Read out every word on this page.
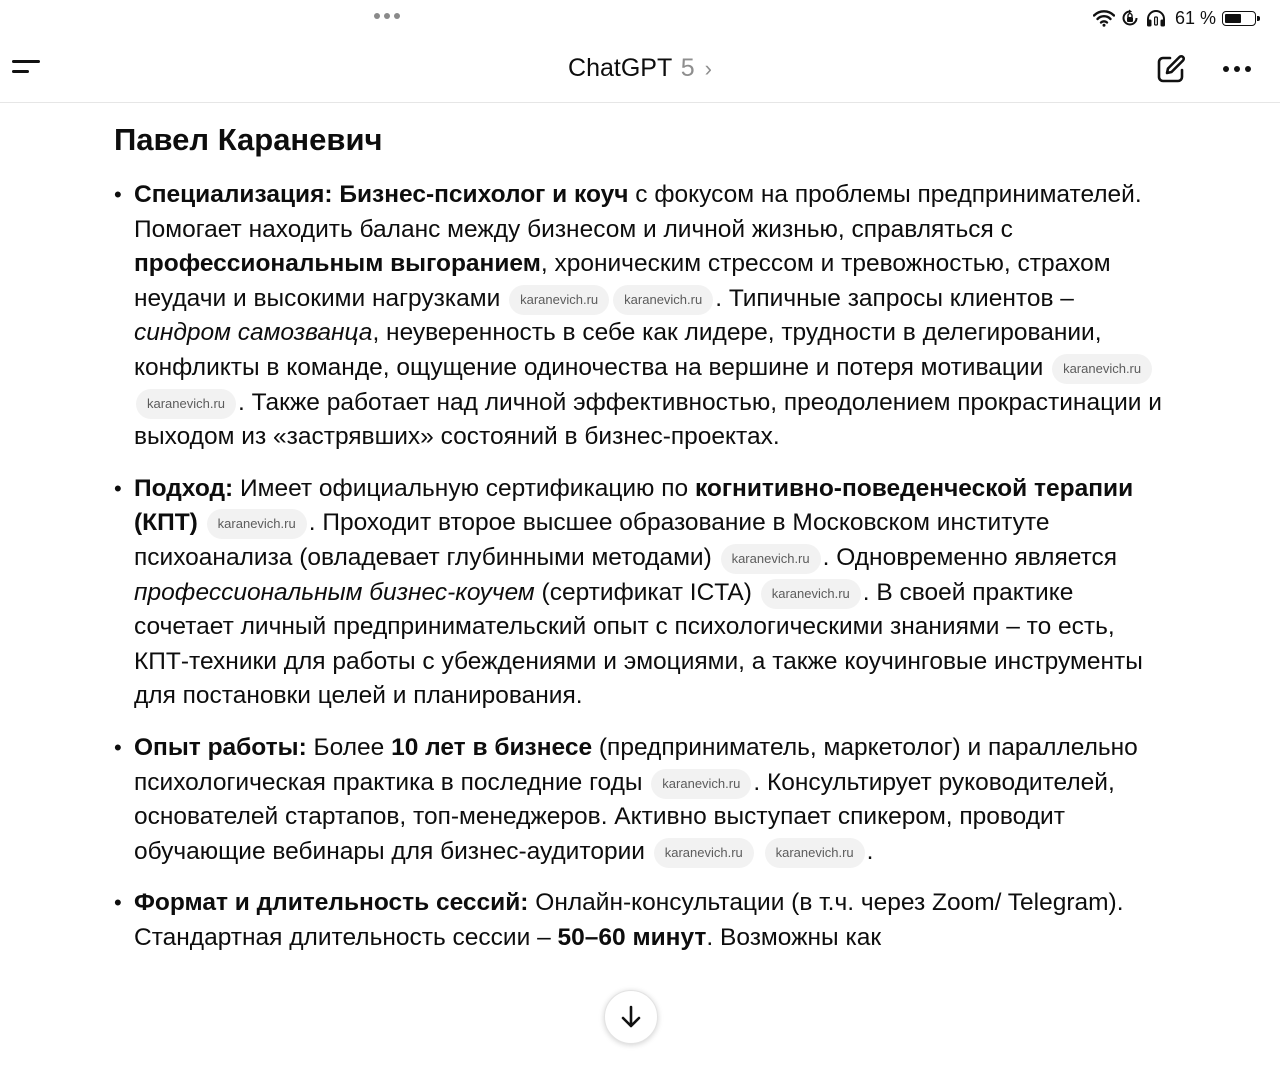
61 %
ChatGPT 5 ›
Павел Караневич
• Специализация: Бизнес-психолог и коуч с фокусом на проблемы предпринимателей. Помогает находить баланс между бизнесом и личной жизнью, справляться с профессиональным выгоранием, хроническим стрессом и тревожностью, страхом неудачи и высокими нагрузками karanevich.ru karanevich.ru . Типичные запросы клиентов – синдром самозванца, неуверенность в себе как лидере, трудности в делегировании, конфликты в команде, ощущение одиночества на вершине и потеря мотивации karanevich.rukaranevich.ru . Также работает над личной эффективностью, преодолением прокрастинации и выходом из «застрявших» состояний в бизнес-проектах.
• Подход: Имеет официальную сертификацию по когнитивно-поведенческой терапии (КПТ) karanevich.ru . Проходит второе высшее образование в Московском институте психоанализа (овладевает глубинными методами) karanevich.ru . Одновременно является профессиональным бизнес-коучем (сертификат ICTA) karanevich.ru . В своей практике сочетает личный предпринимательский опыт с психологическими знаниями – то есть, КПТ-техники для работы с убеждениями и эмоциями, а также коучинговые инструменты для постановки целей и планирования.
• Опыт работы: Более 10 лет в бизнесе (предприниматель, маркетолог) и параллельно психологическая практика в последние годы karanevich.ru . Консультирует руководителей, основателей стартапов, топ-менеджеров. Активно выступает спикером, проводит обучающие вебинары для бизнес-аудитории karanevich.ru	karanevich.ru .
• Формат и длительность сессий: Онлайн-консультации (в т.ч. через Zoom/ Telegram). Стандартная длительность сессии – 50–60 минут. Возможны как
